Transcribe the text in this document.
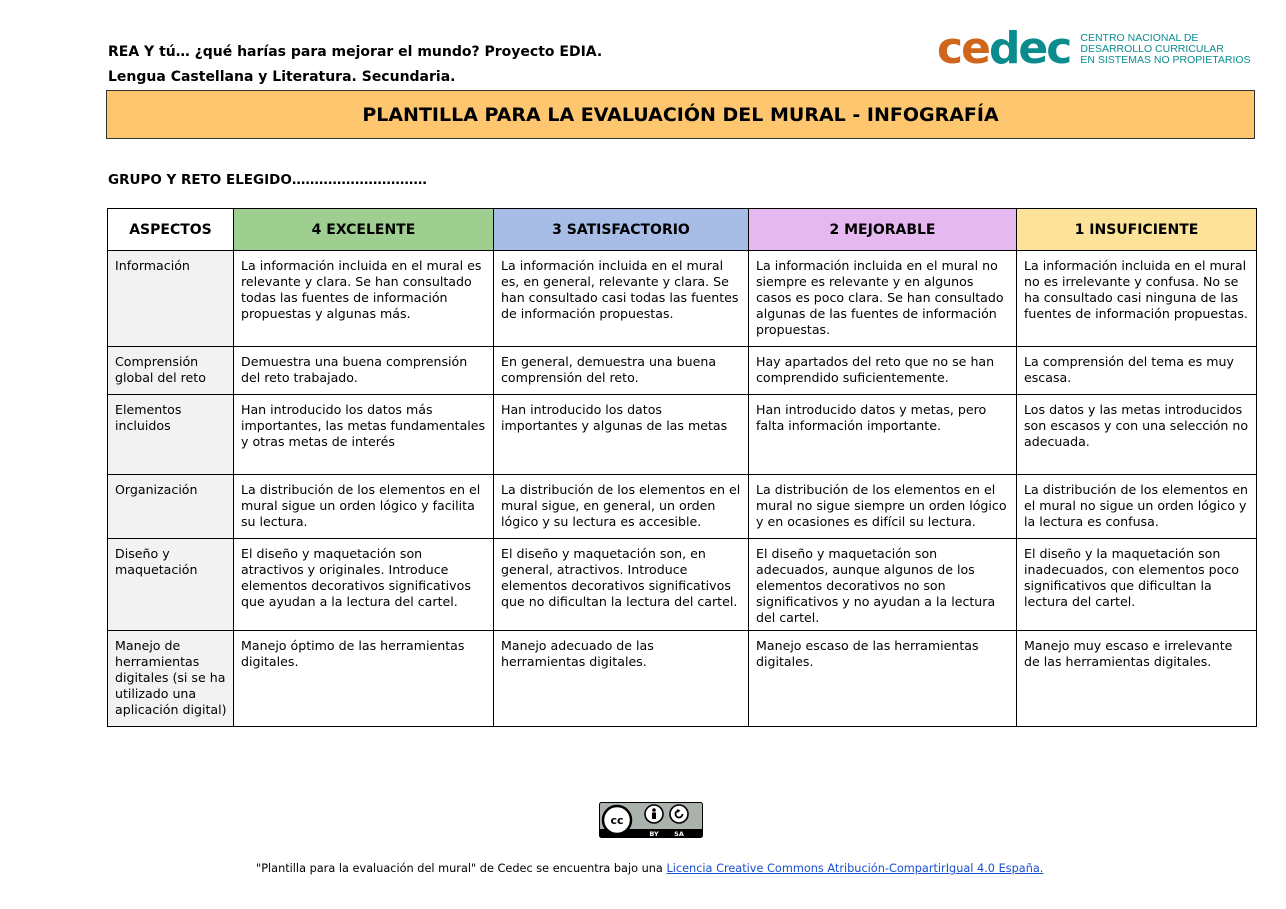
REA Y tú… ¿qué harías para mejorar el mundo? Proyecto EDIA.
Lengua Castellana y Literatura. Secundaria.
cedec CENTRO NACIONAL DE
DESARROLLO CURRICULAR
EN SISTEMAS NO PROPIETARIOS
PLANTILLA PARA LA EVALUACIÓN DEL MURAL - INFOGRAFÍA
GRUPO Y RETO ELEGIDO…………………………
ASPECTOS	4 EXCELENTE	3 SATISFACTORIO	2 MEJORABLE	1 INSUFICIENTE
Información	La información incluida en el mural es relevante y clara. Se han consultado todas las fuentes de información propuestas y algunas más.	La información incluida en el mural es, en general, relevante y clara. Se han consultado casi todas las fuentes de información propuestas.	La información incluida en el mural no siempre es relevante y en algunos casos es poco clara. Se han consultado algunas de las fuentes de información propuestas.	La información incluida en el mural no es irrelevante y confusa. No se ha consultado casi ninguna de las fuentes de información propuestas.
Comprensión global del reto	Demuestra una buena comprensión del reto trabajado.	En general, demuestra una buena comprensión del reto.	Hay apartados del reto que no se han comprendido suficientemente.	La comprensión del tema es muy escasa.
Elementos incluidos	Han introducido los datos más importantes, las metas fundamentales y otras metas de interés	Han introducido los datos importantes y algunas de las metas	Han introducido datos y metas, pero falta información importante.	Los datos y las metas introducidos son escasos y con una selección no adecuada.
Organización	La distribución de los elementos en el mural sigue un orden lógico y facilita su lectura.	La distribución de los elementos en el mural sigue, en general, un orden lógico y su lectura es accesible.	La distribución de los elementos en el mural no sigue siempre un orden lógico y en ocasiones es difícil su lectura.	La distribución de los elementos en el mural no sigue un orden lógico y la lectura es confusa.
Diseño y maquetación	El diseño y maquetación son atractivos y originales. Introduce elementos decorativos significativos que ayudan a la lectura del cartel.	El diseño y maquetación son, en general, atractivos. Introduce elementos decorativos significativos que no dificultan la lectura del cartel.	El diseño y maquetación son adecuados, aunque algunos de los elementos decorativos no son significativos y no ayudan a la lectura del cartel.	El diseño y la maquetación son inadecuados, con elementos poco significativos que dificultan la lectura del cartel.
Manejo de herramientas digitales (si se ha utilizado una aplicación digital)	Manejo óptimo de las herramientas digitales.	Manejo adecuado de las herramientas digitales.	Manejo escaso de las herramientas digitales.	Manejo muy escaso e irrelevante de las herramientas digitales.
cc
BY SA
"Plantilla para la evaluación del mural" de Cedec se encuentra bajo una Licencia Creative Commons Atribución-CompartirIgual 4.0 España.
